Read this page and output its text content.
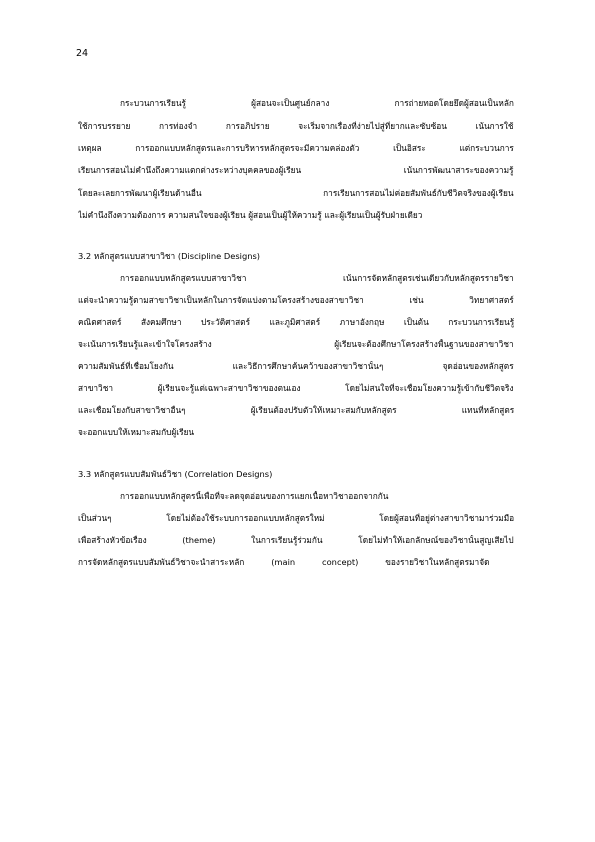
24
กระบวนการเรียนรู้ ผู้สอนจะเป็นศูนย์กลาง การถ่ายทอดโดยยึดผู้สอนเป็นหลัก
ใช้การบรรยาย การท่องจำ การอภิปราย จะเริ่มจากเรื่องที่ง่ายไปสู่ที่ยากและซับซ้อน เน้นการใช้
เหตุผล การออกแบบหลักสูตรและการบริหารหลักสูตรจะมีความคล่องตัว เป็นอิสระ แต่กระบวนการ
เรียนการสอนไม่คำนึงถึงความแตกต่างระหว่างบุคคลของผู้เรียน เน้นการพัฒนาสาระของความรู้
โดยละเลยการพัฒนาผู้เรียนด้านอื่น การเรียนการสอนไม่ค่อยสัมพันธ์กับชีวิตจริงของผู้เรียน
ไม่คำนึงถึงความต้องการ ความสนใจของผู้เรียน ผู้สอนเป็นผู้ให้ความรู้ และผู้เรียนเป็นผู้รับฝ่ายเดียว
3.2 หลักสูตรแบบสาขาวิชา (Discipline Designs)
การออกแบบหลักสูตรแบบสาขาวิชา เน้นการจัดหลักสูตรเช่นเดียวกับหลักสูตรรายวิชา
แต่จะนำความรู้ตามสาขาวิชาเป็นหลักในการจัดแบ่งตามโครงสร้างของสาขาวิชา เช่น วิทยาศาสตร์
คณิตศาสตร์ สังคมศึกษา ประวัติศาสตร์ และภูมิศาสตร์ ภาษาอังกฤษ เป็นต้น กระบวนการเรียนรู้
จะเน้นการเรียนรู้และเข้าใจโครงสร้าง ผู้เรียนจะต้องศึกษาโครงสร้างพื้นฐานของสาขาวิชา
ความสัมพันธ์ที่เชื่อมโยงกัน และวิธีการศึกษาค้นคว้าของสาขาวิชานั้นๆ จุดอ่อนของหลักสูตร
สาขาวิชา ผู้เรียนจะรู้แต่เฉพาะสาขาวิชาของตนเอง โดยไม่สนใจที่จะเชื่อมโยงความรู้เข้ากับชีวิตจริง
และเชื่อมโยงกับสาขาวิชาอื่นๆ ผู้เรียนต้องปรับตัวให้เหมาะสมกับหลักสูตร แทนที่หลักสูตร
จะออกแบบให้เหมาะสมกับผู้เรียน
3.3 หลักสูตรแบบสัมพันธ์วิชา (Correlation Designs)
การออกแบบหลักสูตรนี้เพื่อที่จะลดจุดอ่อนของการแยกเนื้อหาวิชาออกจากกัน
เป็นส่วนๆ โดยไม่ต้องใช้ระบบการออกแบบหลักสูตรใหม่ โดยผู้สอนที่อยู่ต่างสาขาวิชามาร่วมมือ
เพื่อสร้างหัวข้อเรื่อง (theme) ในการเรียนรู้ร่วมกัน โดยไม่ทำให้เอกลักษณ์ของวิชานั้นสูญเสียไป
การจัดหลักสูตรแบบสัมพันธ์วิชาจะนำสาระหลัก (main concept) ของรายวิชาในหลักสูตรมาจัด
